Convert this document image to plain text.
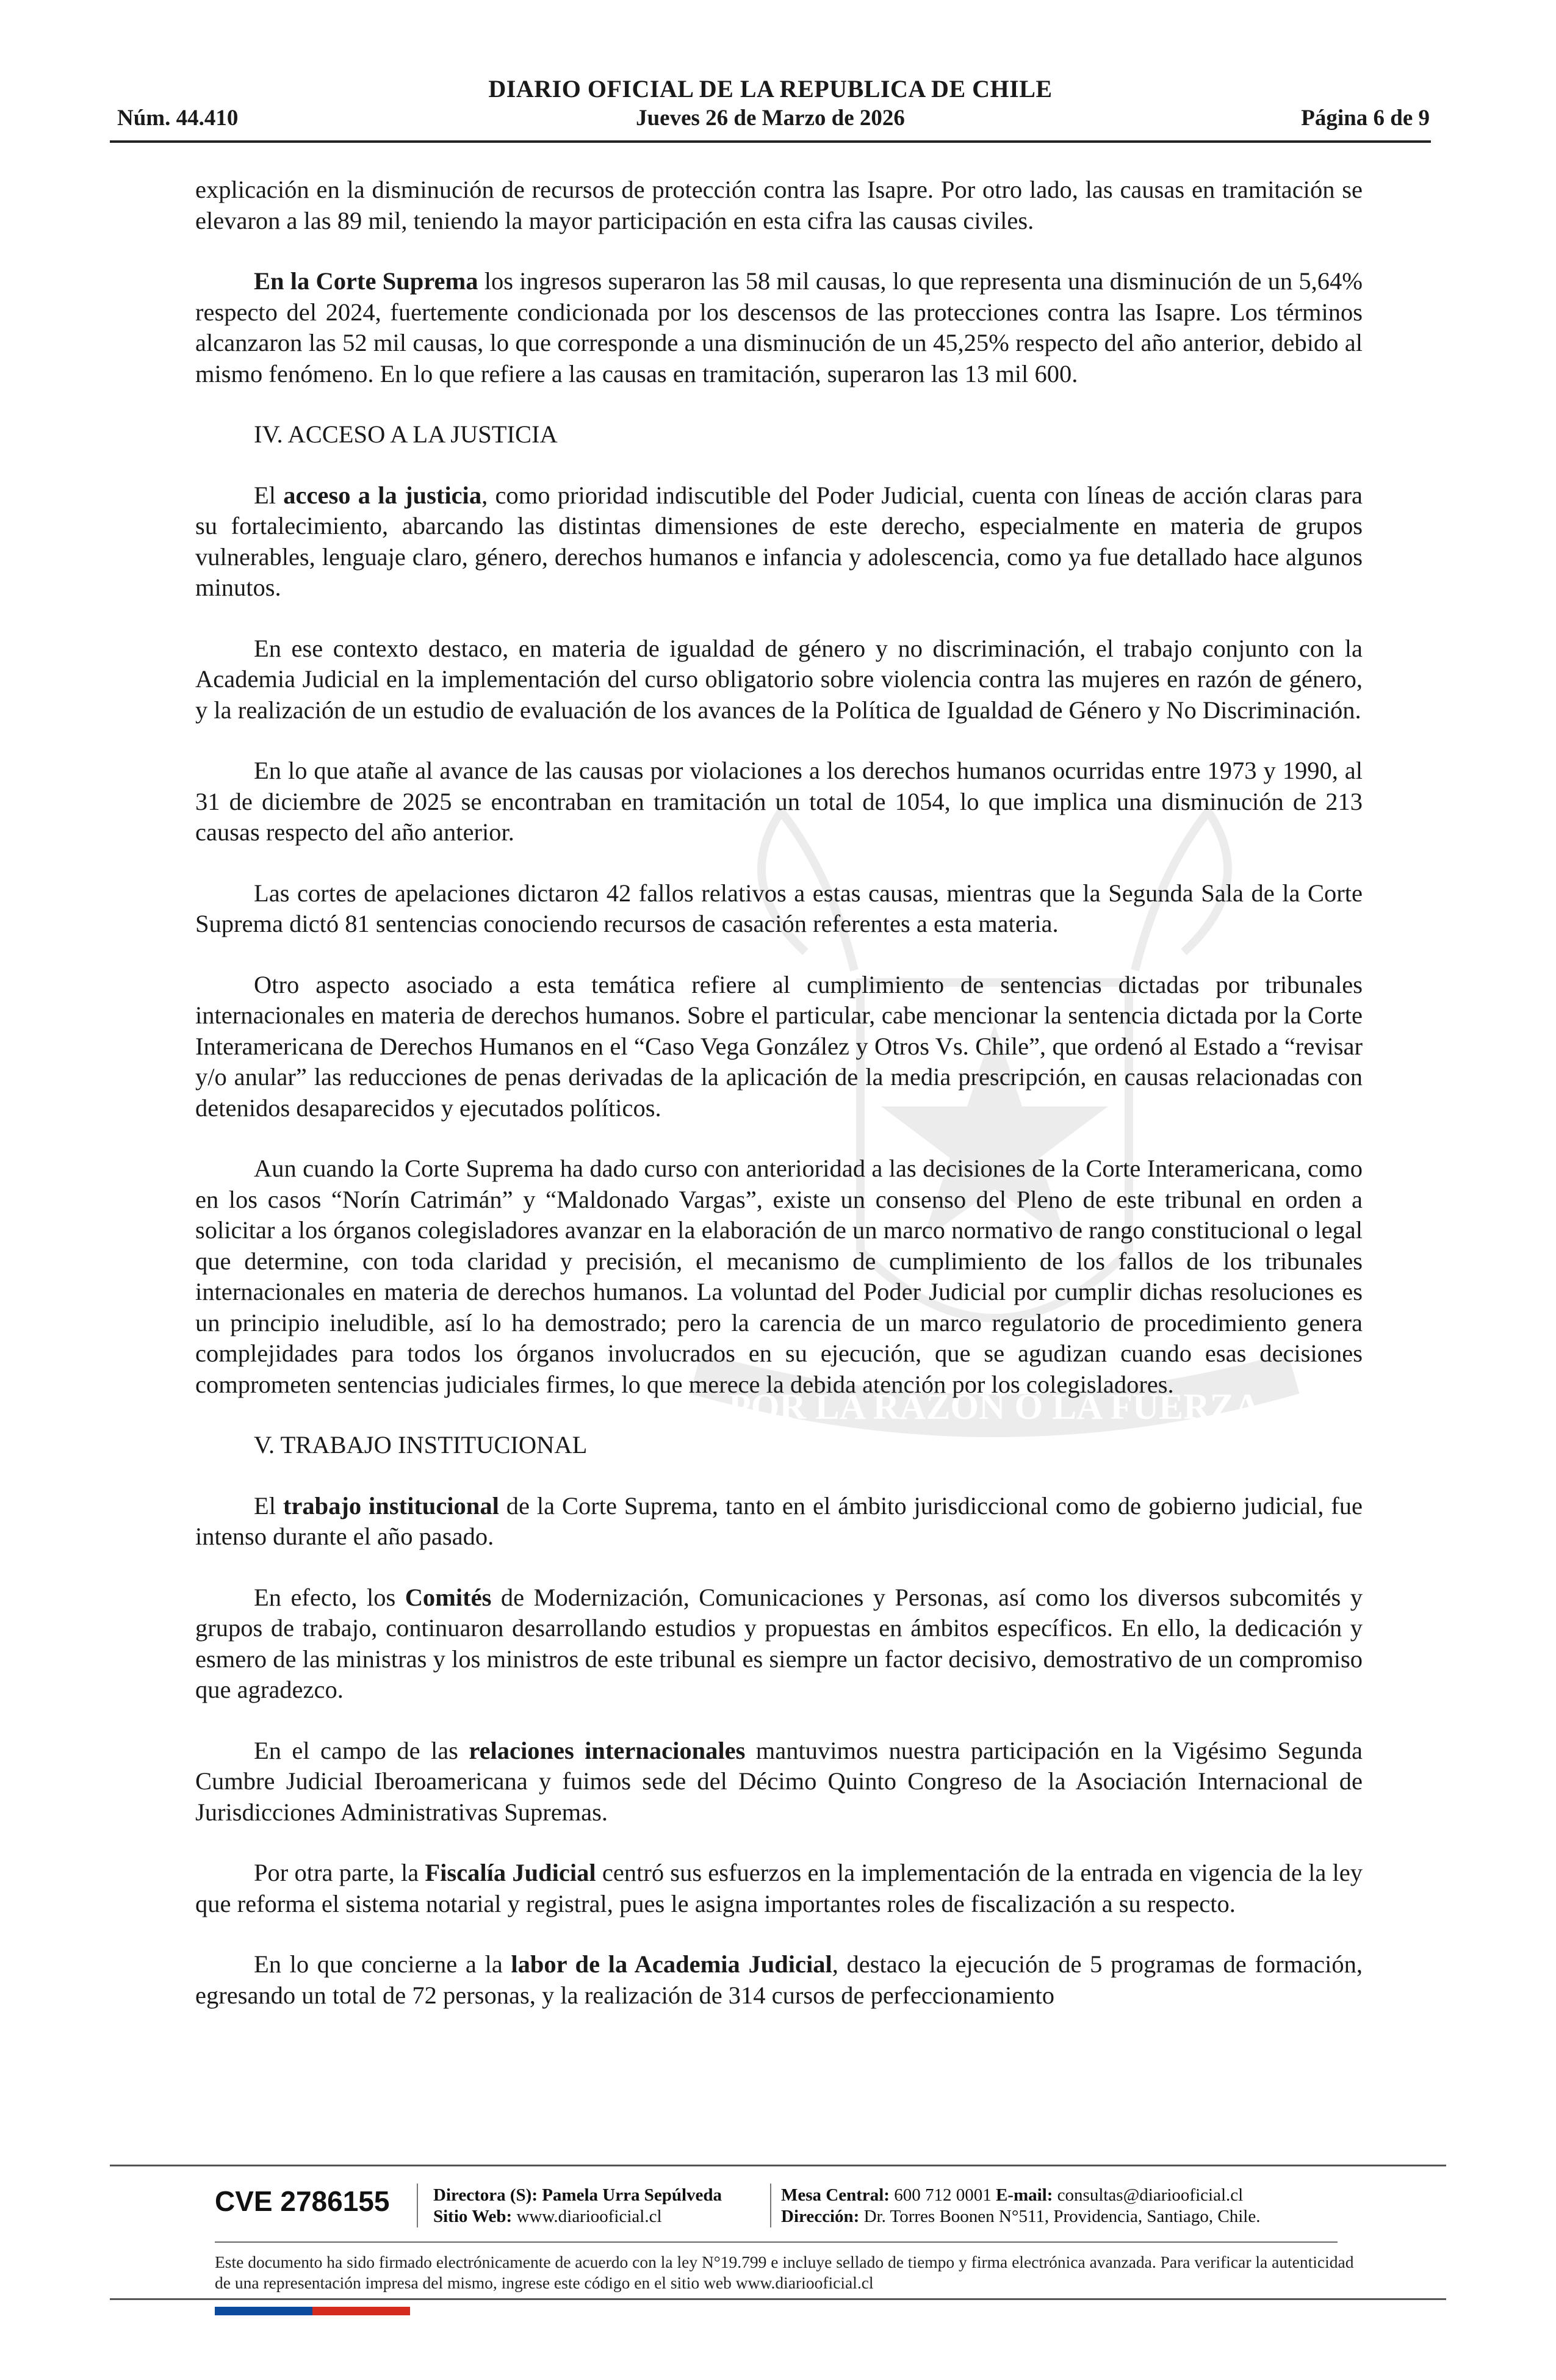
DIARIO OFICIAL DE LA REPUBLICA DE CHILE
Núm. 44.410	Jueves 26 de Marzo de 2026	Página 6 de 9
POR LA RAZON O LA FUERZA

explicación en la disminución de recursos de protección contra las Isapre. Por otro lado, las causas en tramitación se elevaron a las 89 mil, teniendo la mayor participación en esta cifra las causas civiles.

En la Corte Suprema los ingresos superaron las 58 mil causas, lo que representa una disminución de un 5,64% respecto del 2024, fuertemente condicionada por los descensos de las protecciones contra las Isapre. Los términos alcanzaron las 52 mil causas, lo que corresponde a una disminución de un 45,25% respecto del año anterior, debido al mismo fenómeno. En lo que refiere a las causas en tramitación, superaron las 13 mil 600.

IV. ACCESO A LA JUSTICIA

El acceso a la justicia, como prioridad indiscutible del Poder Judicial, cuenta con líneas de acción claras para su fortalecimiento, abarcando las distintas dimensiones de este derecho, especialmente en materia de grupos vulnerables, lenguaje claro, género, derechos humanos e infancia y adolescencia, como ya fue detallado hace algunos minutos.

En ese contexto destaco, en materia de igualdad de género y no discriminación, el trabajo conjunto con la Academia Judicial en la implementación del curso obligatorio sobre violencia contra las mujeres en razón de género, y la realización de un estudio de evaluación de los avances de la Política de Igualdad de Género y No Discriminación.

En lo que atañe al avance de las causas por violaciones a los derechos humanos ocurridas entre 1973 y 1990, al 31 de diciembre de 2025 se encontraban en tramitación un total de 1054, lo que implica una disminución de 213 causas respecto del año anterior.

Las cortes de apelaciones dictaron 42 fallos relativos a estas causas, mientras que la Segunda Sala de la Corte Suprema dictó 81 sentencias conociendo recursos de casación referentes a esta materia.

Otro aspecto asociado a esta temática refiere al cumplimiento de sentencias dictadas por tribunales internacionales en materia de derechos humanos. Sobre el particular, cabe mencionar la sentencia dictada por la Corte Interamericana de Derechos Humanos en el “Caso Vega González y Otros Vs. Chile”, que ordenó al Estado a “revisar y/o anular” las reducciones de penas derivadas de la aplicación de la media prescripción, en causas relacionadas con detenidos desaparecidos y ejecutados políticos.

Aun cuando la Corte Suprema ha dado curso con anterioridad a las decisiones de la Corte Interamericana, como en los casos “Norín Catrimán” y “Maldonado Vargas”, existe un consenso del Pleno de este tribunal en orden a solicitar a los órganos colegisladores avanzar en la elaboración de un marco normativo de rango constitucional o legal que determine, con toda claridad y precisión, el mecanismo de cumplimiento de los fallos de los tribunales internacionales en materia de derechos humanos. La voluntad del Poder Judicial por cumplir dichas resoluciones es un principio ineludible, así lo ha demostrado; pero la carencia de un marco regulatorio de procedimiento genera complejidades para todos los órganos involucrados en su ejecución, que se agudizan cuando esas decisiones comprometen sentencias judiciales firmes, lo que merece la debida atención por los colegisladores.

V. TRABAJO INSTITUCIONAL

El trabajo institucional de la Corte Suprema, tanto en el ámbito jurisdiccional como de gobierno judicial, fue intenso durante el año pasado.

En efecto, los Comités de Modernización, Comunicaciones y Personas, así como los diversos subcomités y grupos de trabajo, continuaron desarrollando estudios y propuestas en ámbitos específicos. En ello, la dedicación y esmero de las ministras y los ministros de este tribunal es siempre un factor decisivo, demostrativo de un compromiso que agradezco.

En el campo de las relaciones internacionales mantuvimos nuestra participación en la Vigésimo Segunda Cumbre Judicial Iberoamericana y fuimos sede del Décimo Quinto Congreso de la Asociación Internacional de Jurisdicciones Administrativas Supremas.

Por otra parte, la Fiscalía Judicial centró sus esfuerzos en la implementación de la entrada en vigencia de la ley que reforma el sistema notarial y registral, pues le asigna importantes roles de fiscalización a su respecto.

En lo que concierne a la labor de la Academia Judicial, destaco la ejecución de 5 programas de formación, egresando un total de 72 personas, y la realización de 314 cursos de perfeccionamiento

CVE 2786155 Directora (S): Pamela Urra Sepúlveda
Sitio Web: www.diariooficial.cl
Mesa Central: 600 712 0001 E-mail: consultas@diariooficial.cl
Dirección: Dr. Torres Boonen N°511, Providencia, Santiago, Chile.
Este documento ha sido firmado electrónicamente de acuerdo con la ley N°19.799 e incluye sellado de tiempo y firma electrónica avanzada. Para verificar la autenticidad de una representación impresa del mismo, ingrese este código en el sitio web www.diariooficial.cl
